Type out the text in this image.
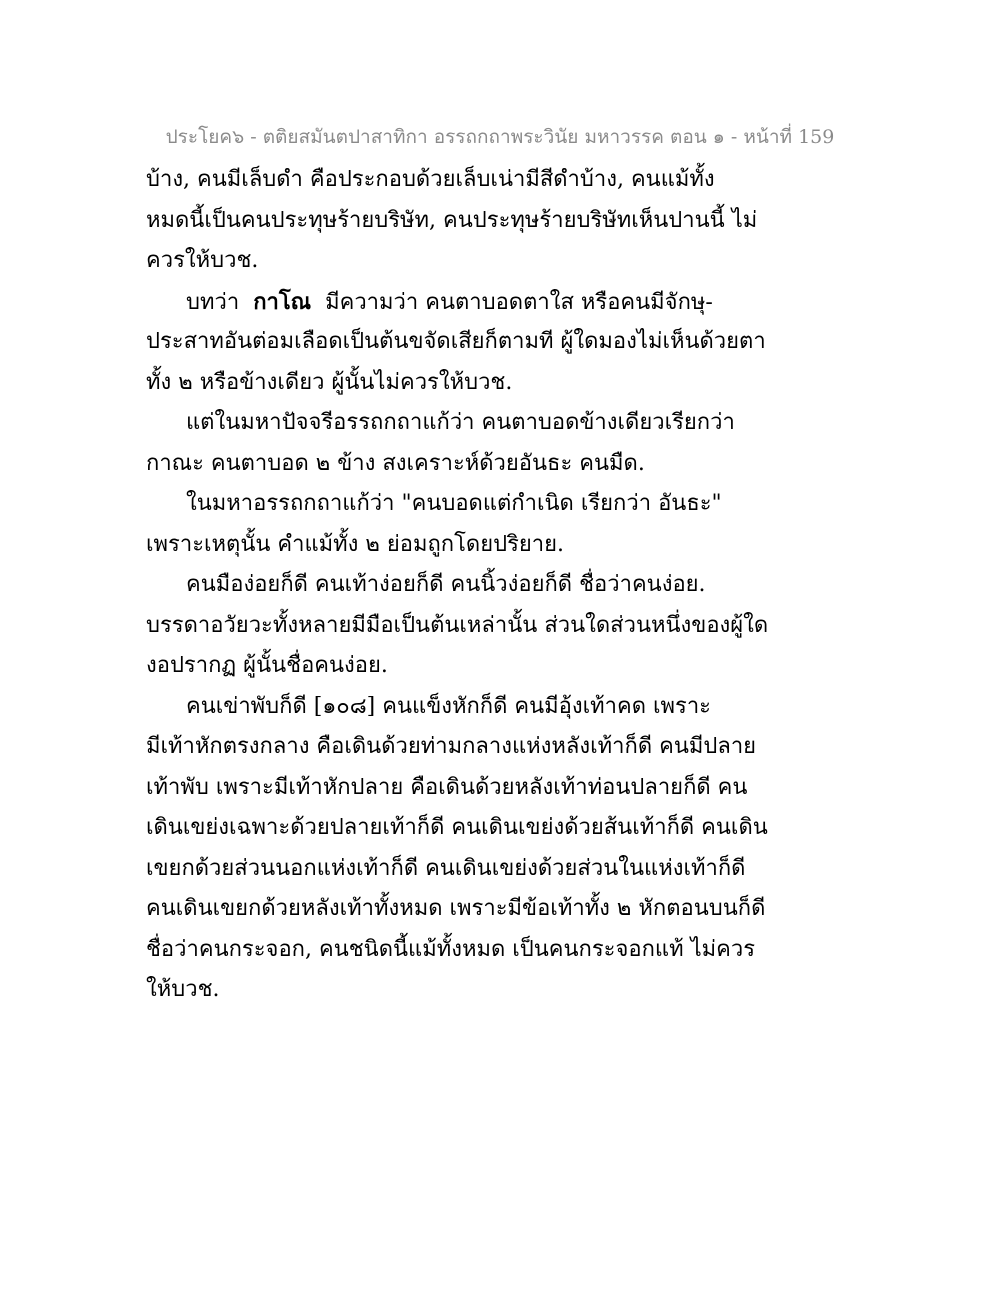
ประโยค๖ - ตติยสมันตปาสาทิกา อรรถกถาพระวินัย มหาวรรค ตอน ๑ - หน้าที่ 159
บ้าง, คนมีเล็บดำ คือประกอบด้วยเล็บเน่ามีสีดำบ้าง, คนแม้ทั้ง
หมดนี้เป็นคนประทุษร้ายบริษัท, คนประทุษร้ายบริษัทเห็นปานนี้ ไม่
ควรให้บวช.
บทว่า กาโณ มีความว่า คนตาบอดตาใส หรือคนมีจักษุ-
ประสาทอันต่อมเลือดเป็นต้นขจัดเสียก็ตามที ผู้ใดมองไม่เห็นด้วยตา
ทั้ง ๒ หรือข้างเดียว ผู้นั้นไม่ควรให้บวช.
แต่ในมหาปัจจรีอรรถกถาแก้ว่า คนตาบอดข้างเดียวเรียกว่า
กาณะ คนตาบอด ๒ ข้าง สงเคราะห์ด้วยอันธะ คนมืด.
ในมหาอรรถกถาแก้ว่า "คนบอดแต่กำเนิด เรียกว่า อันธะ"
เพราะเหตุนั้น คำแม้ทั้ง ๒ ย่อมถูกโดยปริยาย.
คนมือง่อยก็ดี คนเท้าง่อยก็ดี คนนิ้วง่อยก็ดี ชื่อว่าคนง่อย.
บรรดาอวัยวะทั้งหลายมีมือเป็นต้นเหล่านั้น ส่วนใดส่วนหนึ่งของผู้ใด
งอปรากฏ ผู้นั้นชื่อคนง่อย.
คนเข่าพับก็ดี [๑๐๘] คนแข็งหักก็ดี คนมีอุ้งเท้าคด เพราะ
มีเท้าหักตรงกลาง คือเดินด้วยท่ามกลางแห่งหลังเท้าก็ดี คนมีปลาย
เท้าพับ เพราะมีเท้าหักปลาย คือเดินด้วยหลังเท้าท่อนปลายก็ดี คน
เดินเขย่งเฉพาะด้วยปลายเท้าก็ดี คนเดินเขย่งด้วยส้นเท้าก็ดี คนเดิน
เขยกด้วยส่วนนอกแห่งเท้าก็ดี คนเดินเขย่งด้วยส่วนในแห่งเท้าก็ดี
คนเดินเขยกด้วยหลังเท้าทั้งหมด เพราะมีข้อเท้าทั้ง ๒ หักตอนบนก็ดี
ชื่อว่าคนกระจอก, คนชนิดนี้แม้ทั้งหมด เป็นคนกระจอกแท้ ไม่ควร
ให้บวช.
